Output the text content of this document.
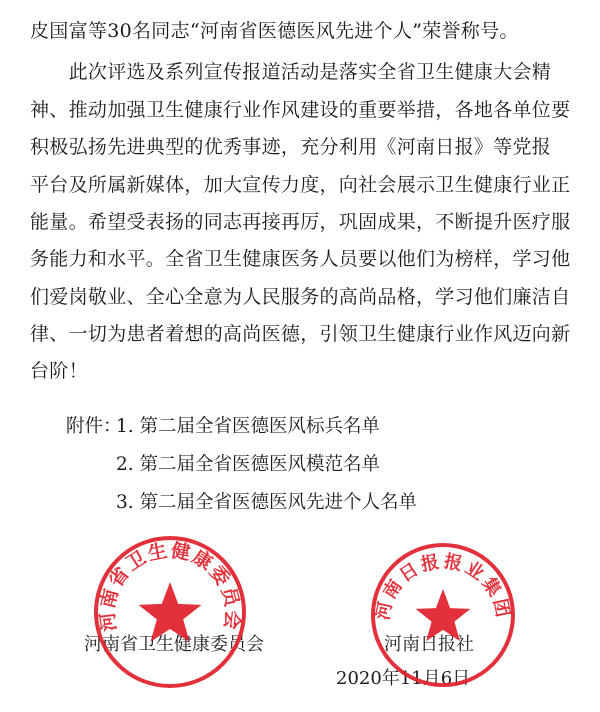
皮国富等30名同志“河南省医德医风先进个人”荣誉称号。
　　此次评选及系列宣传报道活动是落实全省卫生健康大会精
神、推动加强卫生健康行业作风建设的重要举措，各地各单位要
积极弘扬先进典型的优秀事迹，充分利用《河南日报》等党报
平台及所属新媒体，加大宣传力度，向社会展示卫生健康行业正
能量。希望受表扬的同志再接再厉，巩固成果，不断提升医疗服
务能力和水平。全省卫生健康医务人员要以他们为榜样，学习他
们爱岗敬业、全心全意为人民服务的高尚品格，学习他们廉洁自
律、一切为患者着想的高尚医德，引领卫生健康行业作风迈向新
台阶！
附件：
1. 第二届全省医德医风标兵名单
2. 第二届全省医德医风模范名单
3. 第二届全省医德医风先进个人名单
河南省卫生健康委员会	河南日报报业集团
河南省卫生健康委员会	河南日报社
2020年11月6日
